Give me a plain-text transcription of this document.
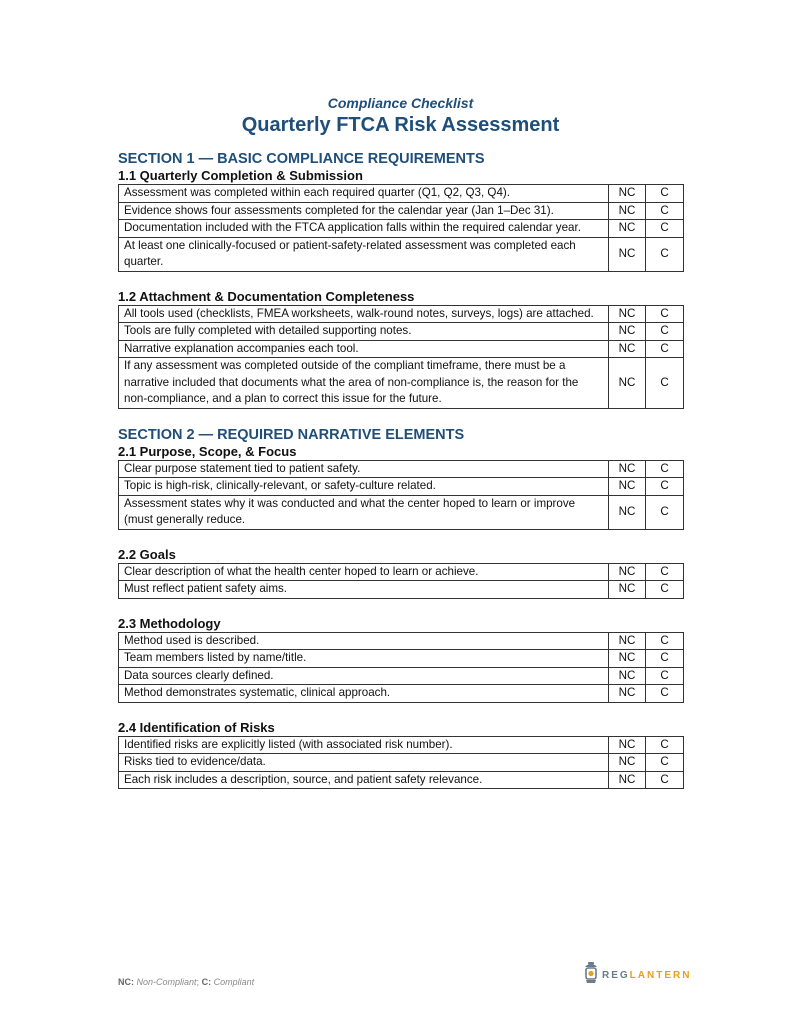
Compliance Checklist

Quarterly FTCA Risk Assessment
SECTION 1 — BASIC COMPLIANCE REQUIREMENTS
1.1 Quarterly Completion & Submission
Assessment was completed within each required quarter (Q1, Q2, Q3, Q4).	NC	C
Evidence shows four assessments completed for the calendar year (Jan 1–Dec 31).	NC	C
Documentation included with the FTCA application falls within the required calendar year.	NC	C
At least one clinically-focused or patient-safety-related assessment was completed each quarter.	NC	C
1.2 Attachment & Documentation Completeness
All tools used (checklists, FMEA worksheets, walk-round notes, surveys, logs) are attached.	NC	C
Tools are fully completed with detailed supporting notes.	NC	C
Narrative explanation accompanies each tool.	NC	C
If any assessment was completed outside of the compliant timeframe, there must be a narrative included that documents what the area of non-compliance is, the reason for the non-compliance, and a plan to correct this issue for the future.	NC	C
SECTION 2 — REQUIRED NARRATIVE ELEMENTS
2.1 Purpose, Scope, & Focus
Clear purpose statement tied to patient safety.	NC	C
Topic is high-risk, clinically-relevant, or safety-culture related.	NC	C
Assessment states why it was conducted and what the center hoped to learn or improve (must generally reduce.	NC	C
2.2 Goals
Clear description of what the health center hoped to learn or achieve.	NC	C
Must reflect patient safety aims.	NC	C
2.3 Methodology
Method used is described.	NC	C
Team members listed by name/title.	NC	C
Data sources clearly defined.	NC	C
Method demonstrates systematic, clinical approach.	NC	C
2.4 Identification of Risks
Identified risks are explicitly listed (with associated risk number).	NC	C
Risks tied to evidence/data.	NC	C
Each risk includes a description, source, and patient safety relevance.	NC	C
NC: Non-Compliant; C: Compliant
REGLANTERN
